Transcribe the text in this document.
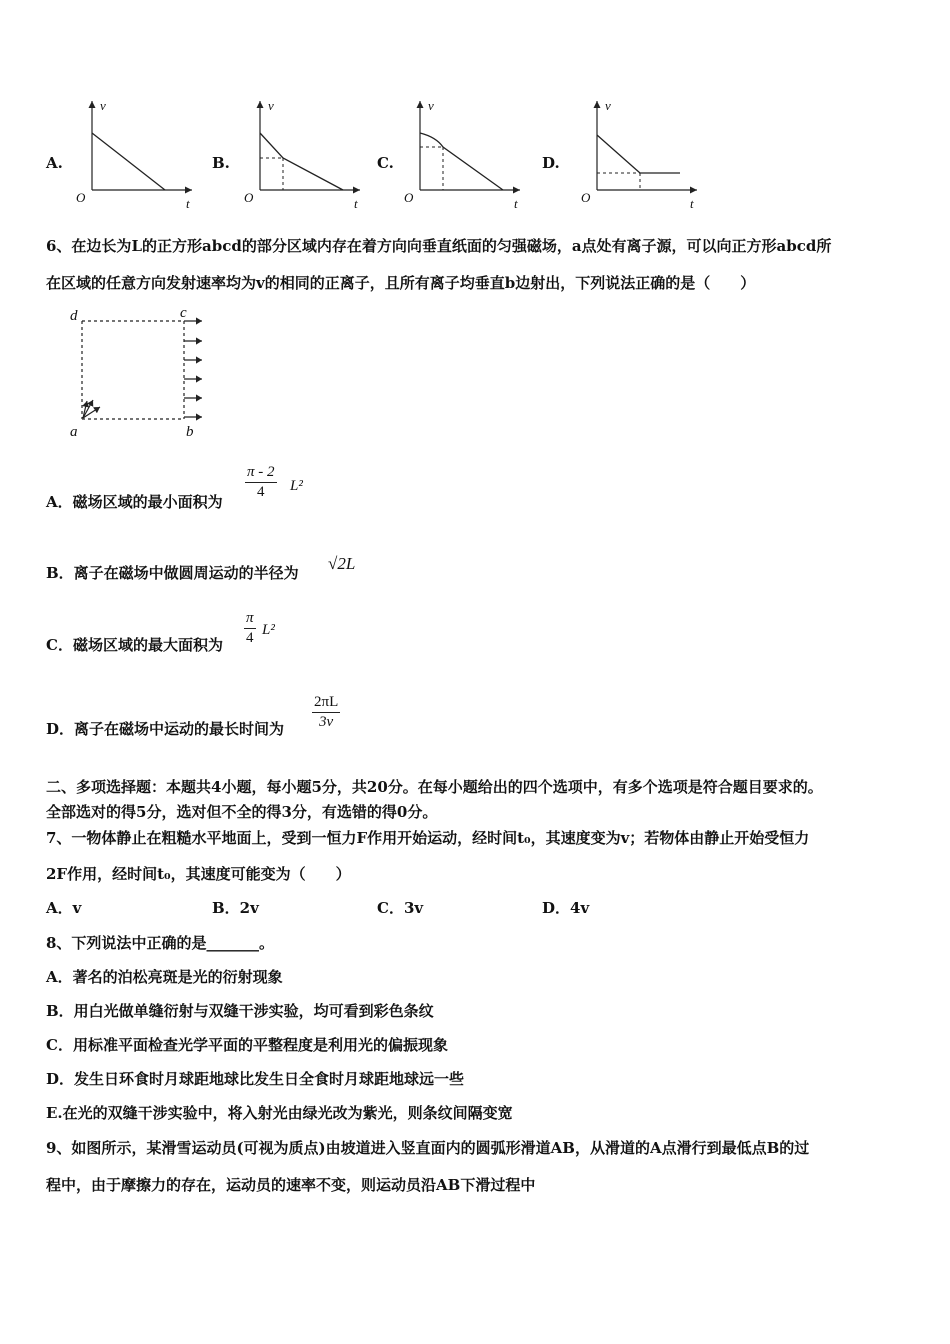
A.
v
t
O
B.
v
t
O
C.
v
t
O
D.
v
t
O
6、在边长为L的正方形abcd的部分区域内存在着方向向垂直纸面的匀强磁场，a点处有离子源，可以向正方形abcd所
在区域的任意方向发射速率均为v的相同的正离子，且所有离子均垂直b边射出，下列说法正确的是（　　）
d	c
a	b
A．磁场区域的最小面积为
π - 2
4	L²
B．离子在磁场中做圆周运动的半径为 √2L
C．磁场区域的最大面积为
π
4 L²
D．离子在磁场中运动的最长时间为
2πL
3v
二、多项选择题：本题共4小题，每小题5分，共20分。在每小题给出的四个选项中，有多个选项是符合题目要求的。
全部选对的得5分，选对但不全的得3分，有选错的得0分。
7、一物体静止在粗糙水平地面上，受到一恒力F作用开始运动，经时间t₀，其速度变为v；若物体由静止开始受恒力
2F作用，经时间t₀，其速度可能变为（　　）
A．v	B．2v	C．3v	D．4v
8、下列说法中正确的是_______。
A．著名的泊松亮斑是光的衍射现象
B．用白光做单缝衍射与双缝干涉实验，均可看到彩色条纹
C．用标准平面检查光学平面的平整程度是利用光的偏振现象
D．发生日环食时月球距地球比发生日全食时月球距地球远一些
E.在光的双缝干涉实验中，将入射光由绿光改为紫光，则条纹间隔变宽
9、如图所示，某滑雪运动员(可视为质点)由坡道进入竖直面内的圆弧形滑道AB，从滑道的A点滑行到最低点B的过
程中，由于摩擦力的存在，运动员的速率不变，则运动员沿AB下滑过程中
